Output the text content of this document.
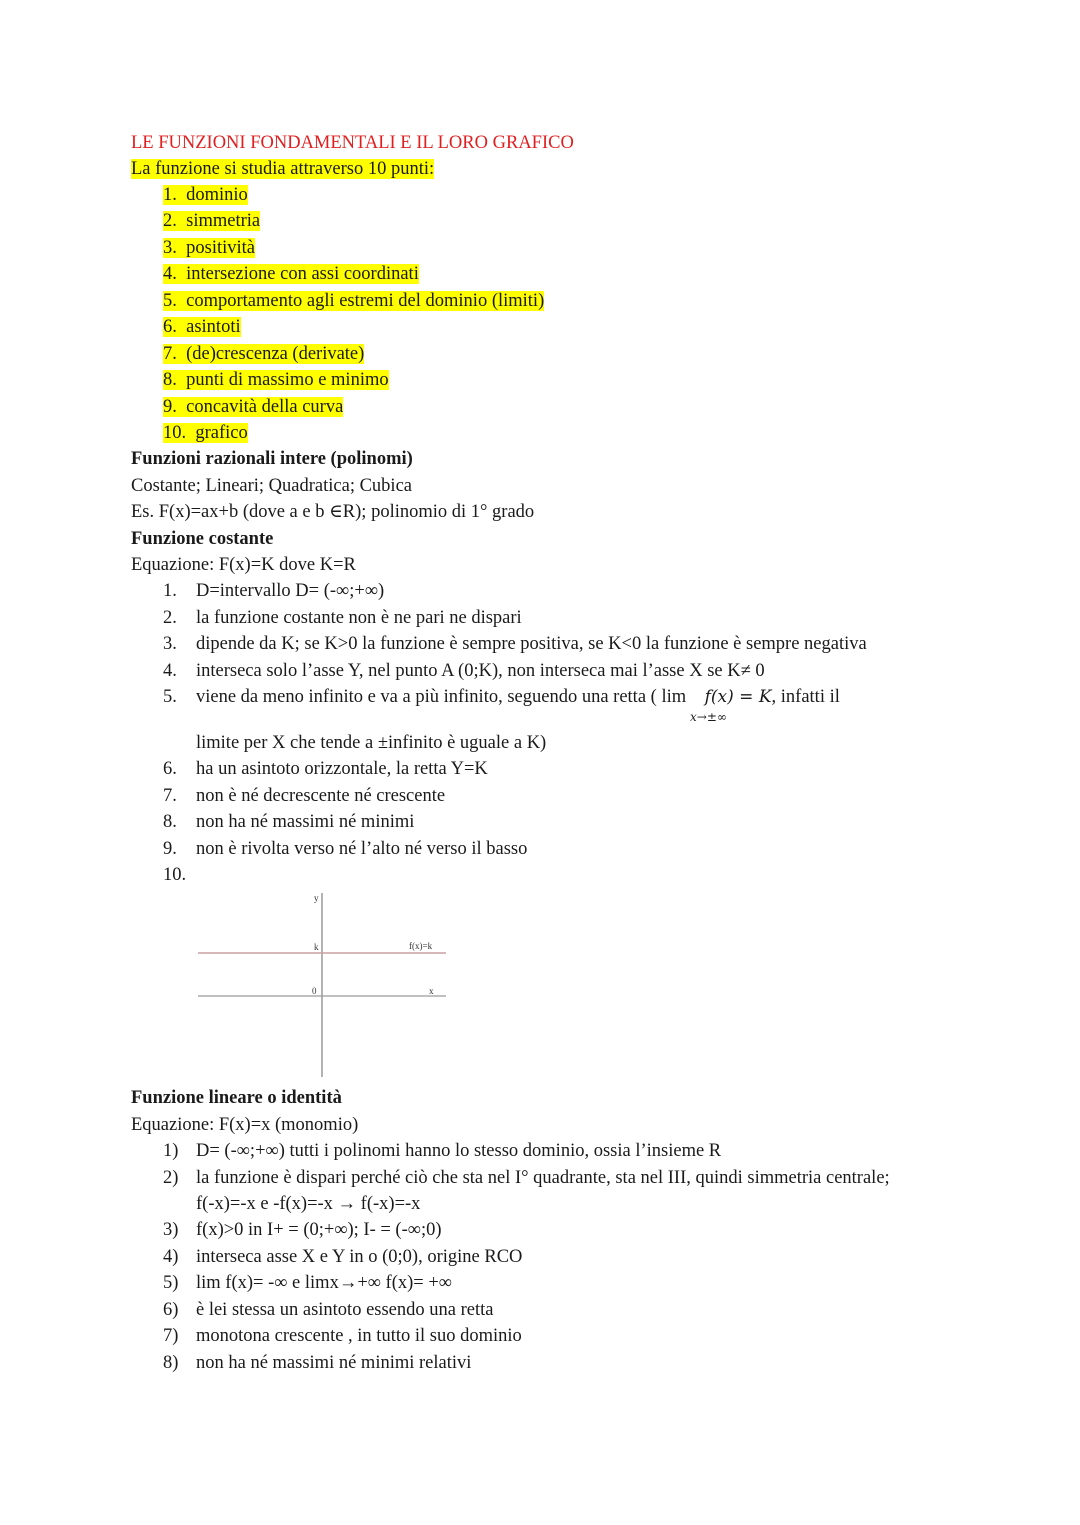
LE FUNZIONI FONDAMENTALI E IL LORO GRAFICO
La funzione si studia attraverso 10 punti:
1. dominio
2. simmetria
3. positività
4. intersezione con assi coordinati
5. comportamento agli estremi del dominio (limiti)
6. asintoti
7. (de)crescenza (derivate)
8. punti di massimo e minimo
9. concavità della curva
10. grafico
Funzioni razionali intere (polinomi)
Costante; Lineari; Quadratica; Cubica
Es. F(x)=ax+b (dove a e b ∈R); polinomio di 1° grado
Funzione costante
Equazione: F(x)=K dove K=R
1. D=intervallo D= (-∞;+∞)
2. la funzione costante non è ne pari ne dispari
3. dipende da K; se K>0 la funzione è sempre positiva, se K<0 la funzione è sempre negativa
4. interseca solo l’asse Y, nel punto A (0;K), non interseca mai l’asse X se K≠ 0
5. viene da meno infinito e va a più infinito, seguendo una retta ( lim f(x) = K, infatti il
x→±∞
limite per X che tende a ±infinito è uguale a K)
6. ha un asintoto orizzontale, la retta Y=K
7. non è né decrescente né crescente
8. non ha né massimi né minimi
9. non è rivolta verso né l’alto né verso il basso
10.
y
k
0	x
f(x)=k
Funzione lineare o identità
Equazione: F(x)=x (monomio)
1) D= (-∞;+∞) tutti i polinomi hanno lo stesso dominio, ossia l’insieme R
2) la funzione è dispari perché ciò che sta nel I° quadrante, sta nel III, quindi simmetria centrale;
f(-x)=-x e -f(x)=-x → f(-x)=-x
3) f(x)>0 in I+ = (0;+∞); I- = (-∞;0)
4) interseca asse X e Y in o (0;0), origine RCO
5) lim f(x)= -∞ e limx→+∞ f(x)= +∞
6) è lei stessa un asintoto essendo una retta
7) monotona crescente , in tutto il suo dominio
8) non ha né massimi né minimi relativi
